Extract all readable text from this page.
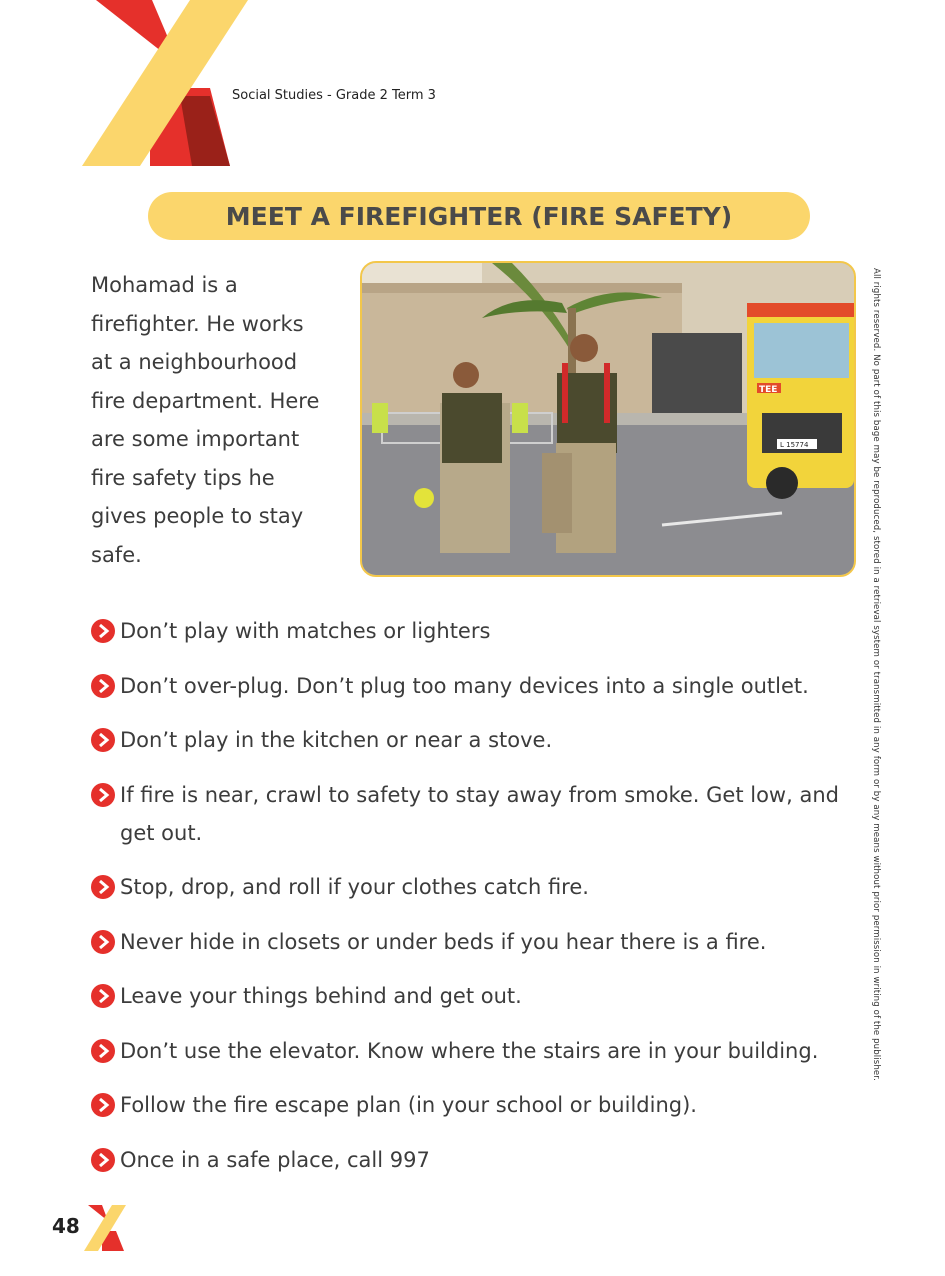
Social Studies - Grade 2 Term 3
MEET A FIREFIGHTER (FIRE SAFETY)
Mohamad is a
firefighter. He works
at a neighbourhood
fire department. Here
are some important
fire safety tips he
gives people to stay
safe.
TEE
L 15774
Don’t play with matches or lighters
Don’t over-plug. Don’t plug too many devices into a single outlet.
Don’t play in the kitchen or near a stove.
If fire is near, crawl to safety to stay away from smoke. Get low, and get out.
Stop, drop, and roll if your clothes catch fire.
Never hide in closets or under beds if you hear there is a fire.
Leave your things behind and get out.
Don’t use the elevator. Know where the stairs are in your building.
Follow the fire escape plan (in your school or building).
Once in a safe place, call 997
All rights reserved. No part of this bage may be reproduced, stored in a retrieval system or transmitted in any form or by any means without prior permission in writing of the publisher.
48
